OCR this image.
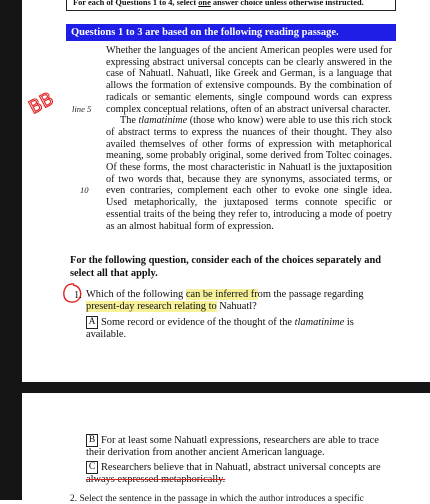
For each of Questions 1 to 4, select one answer choice unless otherwise instructed.
Questions 1 to 3 are based on the following reading passage.
BB

Whether the languages of the ancient American peoples were used for expressing abstract universal concepts can be clearly answered in the case of Nahuatl. Nahuatl, like Greek and German, is a language that allows the formation of extensive compounds. By the combination of radicals or semantic elements, single compound words can express complex conceptual relations, often of an abstract universal character.

The tlamatinime (those who know) were able to use this rich stock of abstract terms to express the nuances of their thought. They also availed themselves of other forms of expression with metaphorical meaning, some probably original, some derived from Toltec coinages. Of these forms, the most characteristic in Nahuatl is the juxtaposition of two words that, because they are synonyms, associated terms, or even contraries, complement each other to evoke one single idea. Used metaphorically, the juxtaposed terms connote specific or essential traits of the being they refer to, introducing a mode of poetry as an almost habitual form of expression.

line 5
10
For the following question, consider each of the choices separately and select all that apply.
1. Which of the following can be inferred from the passage regarding present-day research relating to Nahuatl?
A Some record or evidence of the thought of the tlamatinime is available.
B For at least some Nahuatl expressions, researchers are able to trace their derivation from another ancient American language.
C Researchers believe that in Nahuatl, abstract universal concepts are always expressed metaphorically.
2. Select the sentence in the passage in which the author introduces a specific
